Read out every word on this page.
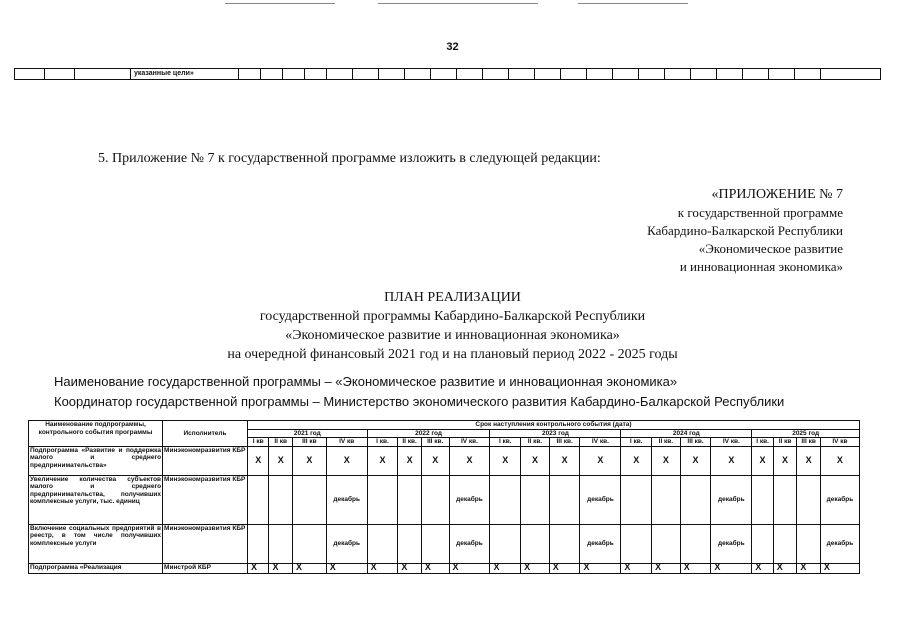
32
			указанные цели»																								
5. Приложение № 7 к государственной программе изложить в следующей редакции:
«ПРИЛОЖЕНИЕ № 7
к государственной программе
Кабардино-Балкарской Республики
«Экономическое развитие
и инновационная экономика»
ПЛАН РЕАЛИЗАЦИИ
государственной программы Кабардино-Балкарской Республики
«Экономическое развитие и инновационная экономика»
на очередной финансовый 2021 год и на плановый период 2022 - 2025 годы
Наименование государственной программы – «Экономическое развитие и инновационная экономика»
Координатор государственной программы – Министерство экономического развития Кабардино-Балкарской Республики
Наименование подпрограммы, контрольного события программы	Исполнитель	Срок наступления контрольного события (дата)																			
		2021 год				2022 год				2023 год				2024 год				2025 год			
		I кв	II кв	III кв	IV кв	I кв.	II кв.	III кв.	IV кв.	I кв.	II кв.	III кв.	IV кв.	I кв.	II кв.	III кв.	IV кв.	I кв.	II кв	III кв	IV кв
Подпрограмма «Развитие и поддержка малого и среднего предпринимательства»	Минэкономразвития КБР	X	X	X	X	X	X	X	X	X	X	X	X	X	X	X	X	X	X	X	X
Увеличение количества субъектов малого и среднего предпринимательства, получивших комплексные услуги, тыс. единиц	Минэкономразвития КБР				декабрь				декабрь				декабрь				декабрь				декабрь
Включение социальных предприятий в реестр, в том числе получивших комплексные услуги	Минэкономразвития КБР				декабрь				декабрь				декабрь				декабрь				декабрь
Подпрограмма «Реализация	Минстрой КБР	X	X	X	X	X	X	X	X	X	X	X	X	X	X	X	X	X	X	X	X
